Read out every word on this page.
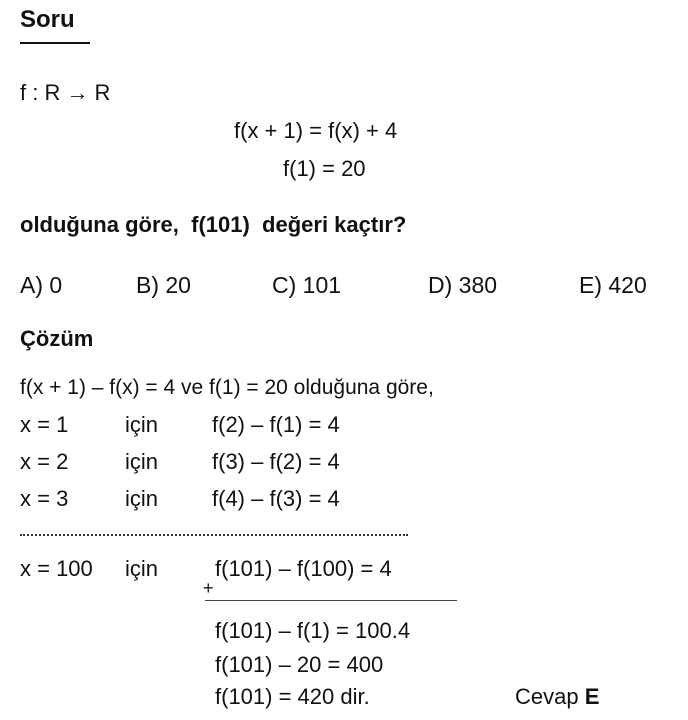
Soru
f : R → R
f(x + 1) = f(x) + 4
f(1) = 20
olduğuna göre, f(101) değeri kaçtır?
A) 0	B) 20	C) 101	D) 380	E) 420
Çözüm
f(x + 1) – f(x) = 4 ve f(1) = 20 olduğuna göre,
x = 1	için f(2) – f(1) = 4
x = 2	için f(3) – f(2) = 4
x = 3	için f(4) – f(3) = 4
x = 100 için	f(101) – f(100) = 4
+
f(101) – f(1) = 100.4
f(101) – 20 = 400
f(101) = 420 dir.	Cevap E
